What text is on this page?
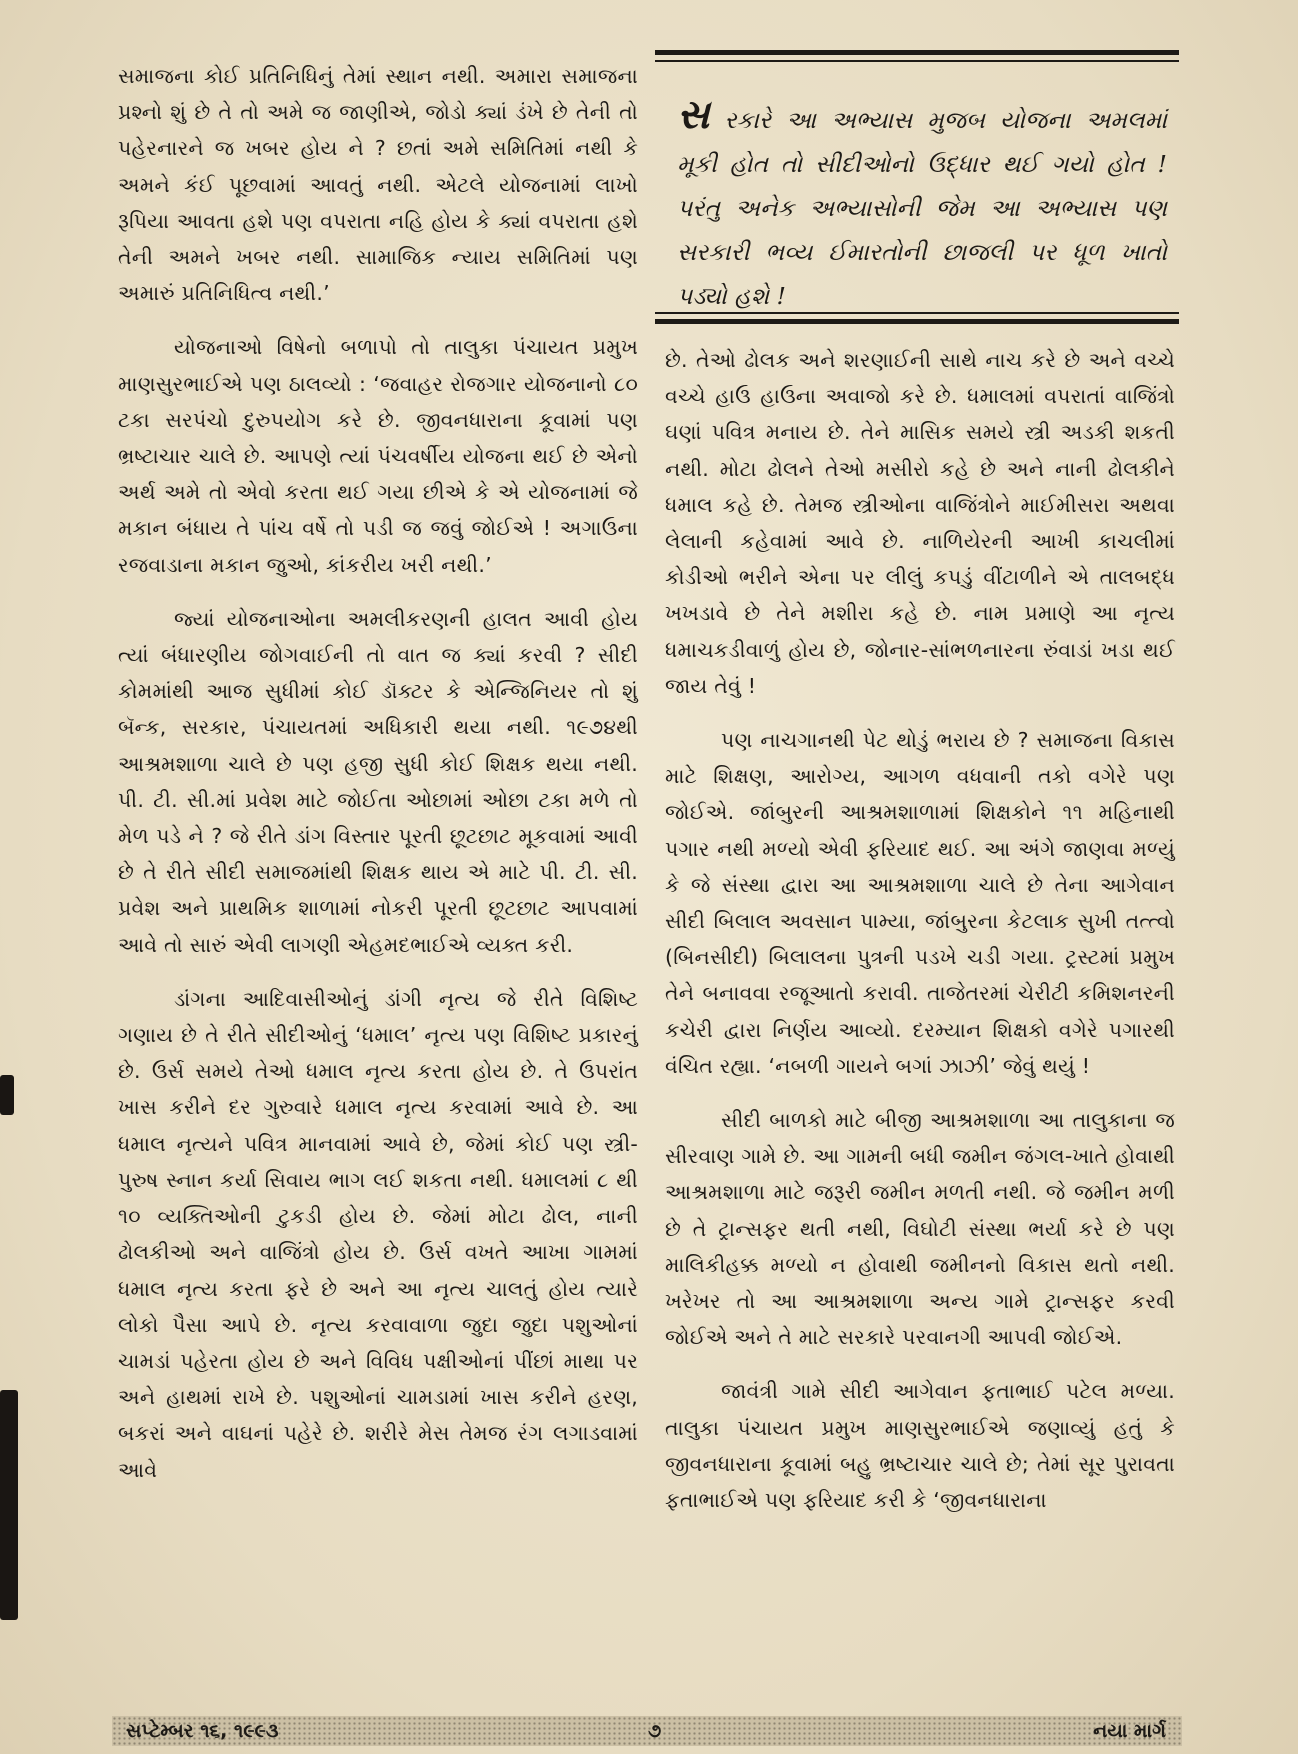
સમાજના કોઈ પ્રતિનિધિનું તેમાં સ્થાન નથી. અમારા સમાજના પ્રશ્નો શું છે તે તો અમે જ જાણીએ, જોડો ક્યાં ડંખે છે તેની તો પહેરનારને જ ખબર હોય ને ? છતાં અમે સમિતિમાં નથી કે અમને કંઈ પૂછવામાં આવતું નથી. એટલે યોજનામાં લાખો રૂપિયા આવતા હશે પણ વપરાતા નહિ હોય કે ક્યાં વપરાતા હશે તેની અમને ખબર નથી. સામાજિક ન્યાય સમિતિમાં પણ અમારું પ્રતિનિધિત્વ નથી.’

યોજનાઓ વિષેનો બળાપો તો તાલુકા પંચાયત પ્રમુખ માણસુરભાઈએ પણ ઠાલવ્યો : ‘જવાહર રોજગાર યોજનાનો ૮૦ ટકા સરપંચો દુરુપયોગ કરે છે. જીવનધારાના કૂવામાં પણ ભ્રષ્ટાચાર ચાલે છે. આપણે ત્યાં પંચવર્ષીય યોજના થઈ છે એનો અર્થ અમે તો એવો કરતા થઈ ગયા છીએ કે એ યોજનામાં જે મકાન બંધાય તે પાંચ વર્ષે તો પડી જ જવું જોઈએ ! અગાઉના રજવાડાના મકાન જુઓ, કાંકરીય ખરી નથી.’

જ્યાં યોજનાઓના અમલીકરણની હાલત આવી હોય ત્યાં બંધારણીય જોગવાઈની તો વાત જ ક્યાં કરવી ? સીદી કોમમાંથી આજ સુધીમાં કોઈ ડૉક્ટર કે એન્જિનિયર તો શું બૅન્ક, સરકાર, પંચાયતમાં અધિકારી થયા નથી. ૧૯૭૪થી આશ્રમશાળા ચાલે છે પણ હજી સુધી કોઈ શિક્ષક થયા નથી. પી. ટી. સી.માં પ્રવેશ માટે જોઈતા ઓછામાં ઓછા ટકા મળે તો મેળ પડે ને ? જે રીતે ડાંગ વિસ્તાર પૂરતી છૂટછાટ મૂકવામાં આવી છે તે રીતે સીદી સમાજમાંથી શિક્ષક થાય એ માટે પી. ટી. સી. પ્રવેશ અને પ્રાથમિક શાળામાં નોકરી પૂરતી છૂટછાટ આપવામાં આવે તો સારું એવી લાગણી એહમદભાઈએ વ્યક્ત કરી.

ડાંગના આદિવાસીઓનું ડાંગી નૃત્ય જે રીતે વિશિષ્ટ ગણાય છે તે રીતે સીદીઓનું ‘ધમાલ’ નૃત્ય પણ વિશિષ્ટ પ્રકારનું છે. ઉર્સ સમયે તેઓ ધમાલ નૃત્ય કરતા હોય છે. તે ઉપરાંત ખાસ કરીને દર ગુરુવારે ધમાલ નૃત્ય કરવામાં આવે છે. આ ધમાલ નૃત્યને પવિત્ર માનવામાં આવે છે, જેમાં કોઈ પણ સ્ત્રી-પુરુષ સ્નાન કર્યા સિવાય ભાગ લઈ શકતા નથી. ધમાલમાં ૮ થી ૧૦ વ્યક્તિઓની ટુકડી હોય છે. જેમાં મોટા ઢોલ, નાની ઢોલકીઓ અને વાજિંત્રો હોય છે. ઉર્સ વખતે આખા ગામમાં ધમાલ નૃત્ય કરતા ફરે છે અને આ નૃત્ય ચાલતું હોય ત્યારે લોકો પૈસા આપે છે. નૃત્ય કરવાવાળા જુદા જુદા પશુઓનાં ચામડાં પહેરતા હોય છે અને વિવિધ પક્ષીઓનાં પીંછાં માથા પર અને હાથમાં રાખે છે. પશુઓનાં ચામડામાં ખાસ કરીને હરણ, બકરાં અને વાઘનાં પહેરે છે. શરીરે મેસ તેમજ રંગ લગાડવામાં આવે

સ રકારે આ અભ્યાસ મુજબ યોજના અમલમાં મૂકી હોત તો સીદીઓનો ઉદ્ધાર થઈ ગયો હોત ! પરંતુ અનેક અભ્યાસોની જેમ આ અભ્યાસ પણ સરકારી ભવ્ય ઈમારતોની છાજલી પર ધૂળ ખાતો પડ્યો હશે !

છે. તેઓ ઢોલક અને શરણાઈની સાથે નાચ કરે છે અને વચ્ચે વચ્ચે હાઉ હાઉના અવાજો કરે છે. ધમાલમાં વપરાતાં વાજિંત્રો ઘણાં પવિત્ર મનાય છે. તેને માસિક સમયે સ્ત્રી અડકી શકતી નથી. મોટા ઢોલને તેઓ મસીરો કહે છે અને નાની ઢોલકીને ધમાલ કહે છે. તેમજ સ્ત્રીઓના વાજિંત્રોને માઈમીસરા અથવા લેલાની કહેવામાં આવે છે. નાળિયેરની આખી કાચલીમાં કોડીઓ ભરીને એના પર લીલું કપડું વીંટાળીને એ તાલબદ્ધ ખખડાવે છે તેને મશીરા કહે છે. નામ પ્રમાણે આ નૃત્ય ધમાચકડીવાળું હોય છે, જોનાર-સાંભળનારના રુંવાડાં ખડા થઈ જાય તેવું !

પણ નાચગાનથી પેટ થોડું ભરાય છે ? સમાજના વિકાસ માટે શિક્ષણ, આરોગ્ય, આગળ વધવાની તકો વગેરે પણ જોઈએ. જાંબુરની આશ્રમશાળામાં શિક્ષકોને ૧૧ મહિનાથી પગાર નથી મળ્યો એવી ફરિયાદ થઈ. આ અંગે જાણવા મળ્યું કે જે સંસ્થા દ્વારા આ આશ્રમશાળા ચાલે છે તેના આગેવાન સીદી બિલાલ અવસાન પામ્યા, જાંબુરના કેટલાક સુખી તત્ત્વો (બિનસીદી) બિલાલના પુત્રની પડખે ચડી ગયા. ટ્રસ્ટમાં પ્રમુખ તેને બનાવવા રજૂઆતો કરાવી. તાજેતરમાં ચેરીટી કમિશનરની કચેરી દ્વારા નિર્ણય આવ્યો. દરમ્યાન શિક્ષકો વગેરે પગારથી વંચિત રહ્યા. ‘નબળી ગાયને બગાં ઝાઝી’ જેવું થયું !

સીદી બાળકો માટે બીજી આશ્રમશાળા આ તાલુકાના જ સીરવાણ ગામે છે. આ ગામની બધી જમીન જંગલ-ખાતે હોવાથી આશ્રમશાળા માટે જરૂરી જમીન મળતી નથી. જે જમીન મળી છે તે ટ્રાન્સફર થતી નથી, વિઘોટી સંસ્થા ભર્યા કરે છે પણ માલિકીહક્ક મળ્યો ન હોવાથી જમીનનો વિકાસ થતો નથી. ખરેખર તો આ આશ્રમશાળા અન્ય ગામે ટ્રાન્સફર કરવી જોઈએ અને તે માટે સરકારે પરવાનગી આપવી જોઈએ.

જાવંત્રી ગામે સીદી આગેવાન ફતાભાઈ પટેલ મળ્યા. તાલુકા પંચાયત પ્રમુખ માણસુરભાઈએ જણાવ્યું હતું કે જીવનધારાના કૂવામાં બહુ ભ્રષ્ટાચાર ચાલે છે; તેમાં સૂર પુરાવતા ફતાભાઈએ પણ ફરિયાદ કરી કે ‘જીવનધારાના

સપ્ટેમ્બર ૧૬, ૧૯૯૩	૭	નયા માર્ગ
